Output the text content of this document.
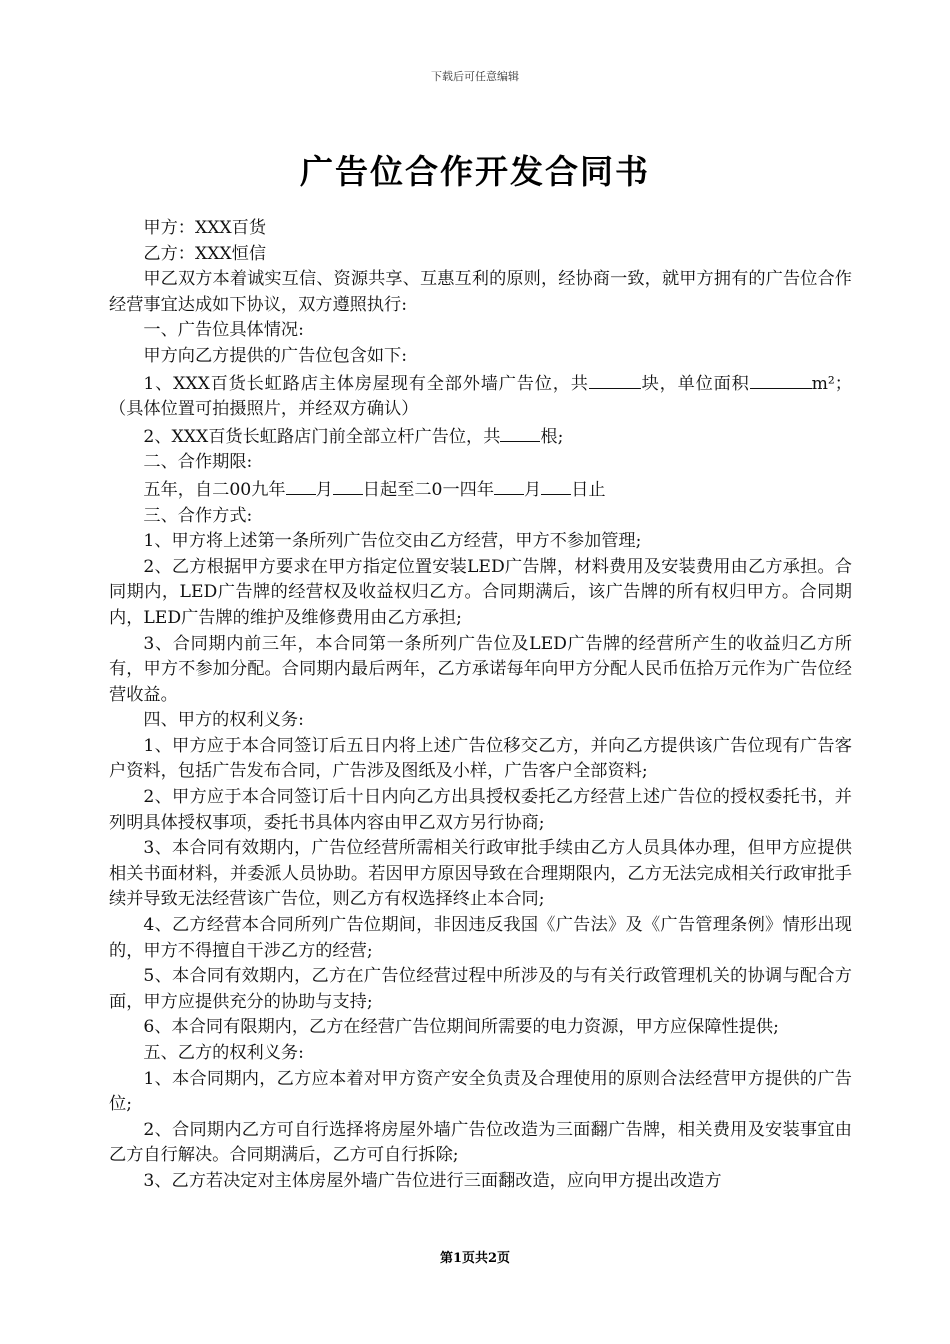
下载后可任意编辑
广告位合作开发合同书

甲方：XXX百货

乙方：XXX恒信

甲乙双方本着诚实互信、资源共享、互惠互利的原则，经协商一致，就甲方拥有的广告位合作经营事宜达成如下协议，双方遵照执行:

一、广告位具体情况:

甲方向乙方提供的广告位包含如下:

1、XXX百货长虹路店主体房屋现有全部外墙广告位，共	块，单位面积	m²；（具体位置可拍摄照片，并经双方确认）

2、XXX百货长虹路店门前全部立杆广告位，共 根;

二、合作期限:

五年，自二00九年 月 日起至二0一四年 月 日止

三、合作方式:

1、甲方将上述第一条所列广告位交由乙方经营，甲方不参加管理;

2、乙方根据甲方要求在甲方指定位置安装LED广告牌，材料费用及安装费用由乙方承担。合同期内，LED广告牌的经营权及收益权归乙方。合同期满后，该广告牌的所有权归甲方。合同期内，LED广告牌的维护及维修费用由乙方承担;

3、合同期内前三年，本合同第一条所列广告位及LED广告牌的经营所产生的收益归乙方所有，甲方不参加分配。合同期内最后两年，乙方承诺每年向甲方分配人民币伍拾万元作为广告位经营收益。

四、甲方的权利义务:

1、甲方应于本合同签订后五日内将上述广告位移交乙方，并向乙方提供该广告位现有广告客户资料，包括广告发布合同，广告涉及图纸及小样，广告客户全部资料;

2、甲方应于本合同签订后十日内向乙方出具授权委托乙方经营上述广告位的授权委托书，并列明具体授权事项，委托书具体内容由甲乙双方另行协商;

3、本合同有效期内，广告位经营所需相关行政审批手续由乙方人员具体办理，但甲方应提供相关书面材料，并委派人员协助。若因甲方原因导致在合理期限内，乙方无法完成相关行政审批手续并导致无法经营该广告位，则乙方有权选择终止本合同;

4、乙方经营本合同所列广告位期间，非因违反我国《广告法》及《广告管理条例》情形出现的，甲方不得擅自干涉乙方的经营;

5、本合同有效期内，乙方在广告位经营过程中所涉及的与有关行政管理机关的协调与配合方面，甲方应提供充分的协助与支持;

6、本合同有限期内，乙方在经营广告位期间所需要的电力资源，甲方应保障性提供;

五、乙方的权利义务:

1、本合同期内，乙方应本着对甲方资产安全负责及合理使用的原则合法经营甲方提供的广告位;

2、合同期内乙方可自行选择将房屋外墙广告位改造为三面翻广告牌，相关费用及安装事宜由乙方自行解决。合同期满后，乙方可自行拆除;

3、乙方若决定对主体房屋外墙广告位进行三面翻改造，应向甲方提出改造方

第1页共2页
